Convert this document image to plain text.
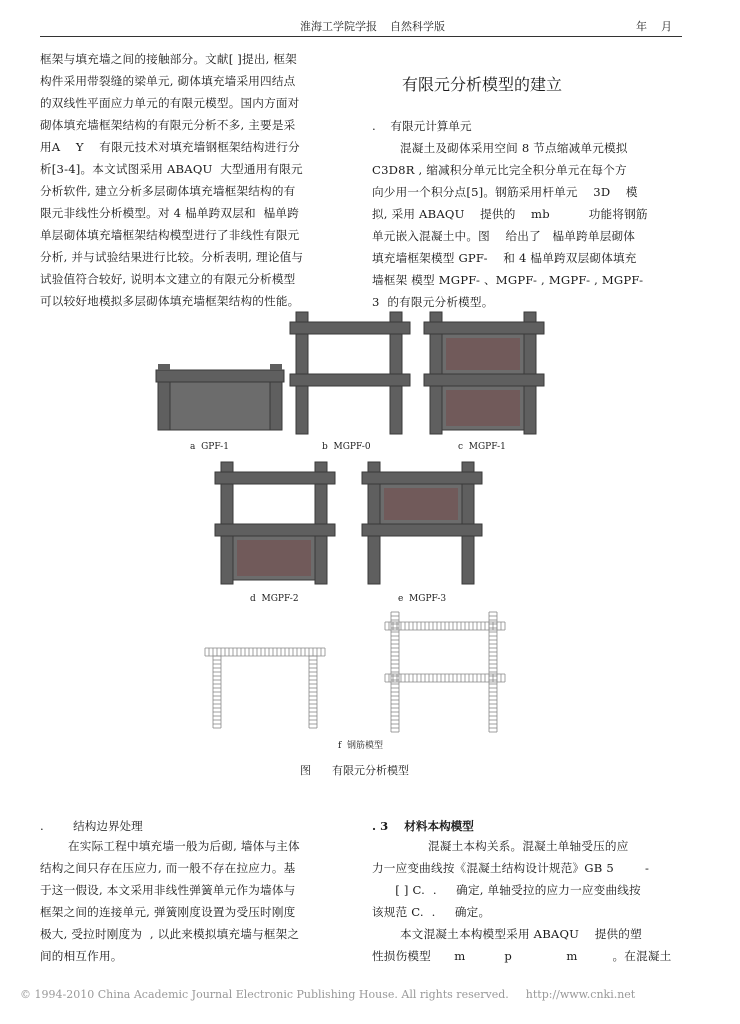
淮海工学院学报 自然科学版	年    月
框架与填充墙之间的接触部分。文献[ ]提出, 框架
构件采用带裂缝的梁单元, 砌体填充墙采用四结点
的双线性平面应力单元的有限元模型。国内方面对
砌体填充墙框架结构的有限元分析不多, 主要是采
用A    Y    有限元技术对填充墙钢框架结构进行分
析[3-4]。本文试图采用 ABAQU  大型通用有限元
分析软件, 建立分析多层砌体填充墙框架结构的有
限元非线性分析模型。对 4 榀单跨双层和  榀单跨
单层砌体填充墙框架结构模型进行了非线性有限元
分析, 并与试验结果进行比较。分析表明, 理论值与
试验值符合较好, 说明本文建立的有限元分析模型
可以较好地模拟多层砌体填充墙框架结构的性能。
有限元分析模型的建立
.    有限元计算单元
混凝土及砌体采用空间 8 节点缩减单元模拟
C3D8R , 缩减积分单元比完全积分单元在每个方
向少用一个积分点[5]。钢筋采用杆单元    3D    模
拟, 采用 ABAQU    提供的    mb          功能将钢筋
单元嵌入混凝土中。图    给出了   榀单跨单层砌体
填充墙框架模型 GPF-    和 4 榀单跨双层砌体填充
墙框架 模型 MGPF- 、MGPF- , MGPF- , MGPF-
3  的有限元分析模型。
a  GPF-1	b  MGPF-0	c  MGPF-1
d  MGPF-2	e  MGPF-3
f  钢筋模型
图      有限元分析模型
.        结构边界处理
在实际工程中填充墙一般为后砌, 墙体与主体
结构之间只存在压应力, 而一般不存在拉应力。基
于这一假设, 本文采用非线性弹簧单元作为墙体与
框架之间的连接单元, 弹簧刚度设置为受压时刚度
极大, 受拉时刚度为  , 以此来模拟填充墙与框架之
间的相互作用。
. 3    材料本构模型
混凝土本构关系。混凝土单轴受压的应
力一应变曲线按《混凝土结构设计规范》GB 5        -
[ ] C.  .     确定, 单轴受拉的应力一应变曲线按
该规范 C.  .     确定。
本文混凝土本构模型采用 ABAQU    提供的塑
性损伤模型      m          p              m         。在混凝土
© 1994-2010 China Academic Journal Electronic Publishing House. All rights reserved. http://www.cnki.net
